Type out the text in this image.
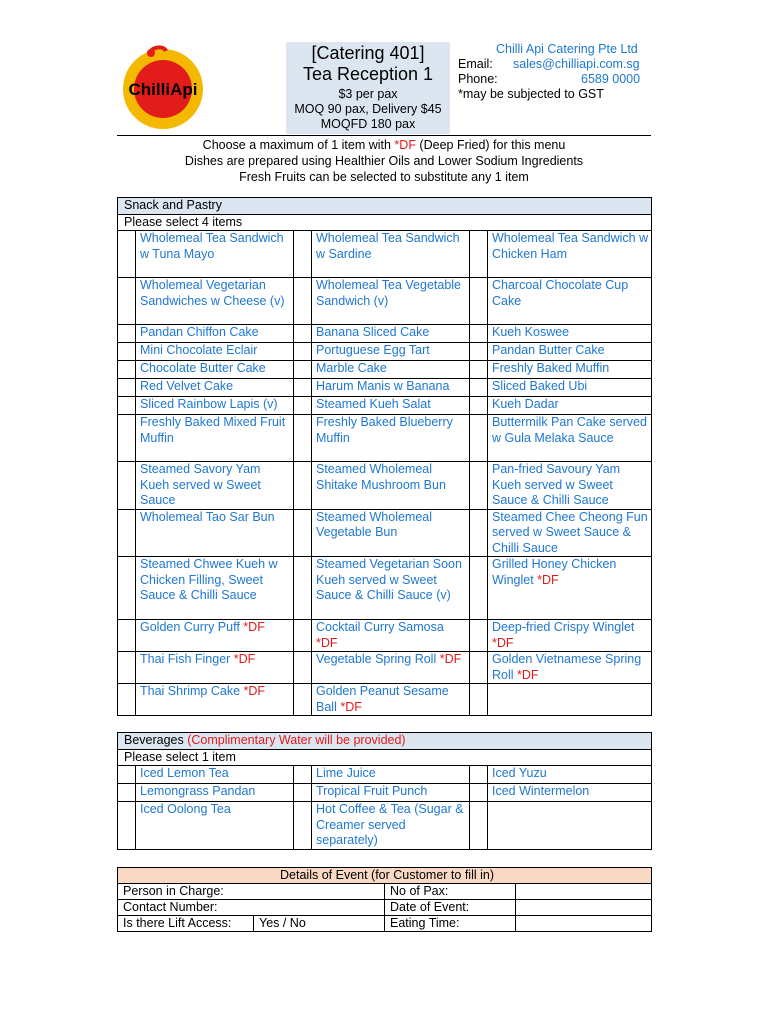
ChilliApi
[Catering 401]
Tea Reception 1
$3 per pax
MOQ 90 pax, Delivery $45
MOQFD 180 pax
Chilli Api Catering Pte Ltd
Email:	sales@chilliapi.com.sg
Phone:	6589 0000
*may be subjected to GST
Choose a maximum of 1 item with *DF (Deep Fried) for this menu
Dishes are prepared using Healthier Oils and Lower Sodium Ingredients
Fresh Fruits can be selected to substitute any 1 item
Snack and Pastry					
Please select 4 items					
	Wholemeal Tea Sandwich w Tuna Mayo		Wholemeal Tea Sandwich w Sardine		Wholemeal Tea Sandwich w Chicken Ham
	Wholemeal Vegetarian Sandwiches w Cheese (v)		Wholemeal Tea Vegetable Sandwich (v)		Charcoal Chocolate Cup Cake
	Pandan Chiffon Cake		Banana Sliced Cake		Kueh Koswee
	Mini Chocolate Eclair		Portuguese Egg Tart		Pandan Butter Cake
	Chocolate Butter Cake		Marble Cake		Freshly Baked Muffin
	Red Velvet Cake		Harum Manis w Banana		Sliced Baked Ubi
	Sliced Rainbow Lapis (v)		Steamed Kueh Salat		Kueh Dadar
	Freshly Baked Mixed Fruit Muffin		Freshly Baked Blueberry Muffin		Buttermilk Pan Cake served w Gula Melaka Sauce
	Steamed Savory Yam Kueh served w Sweet Sauce		Steamed Wholemeal Shitake Mushroom Bun		Pan-fried Savoury Yam Kueh served w Sweet Sauce & Chilli Sauce
	Wholemeal Tao Sar Bun		Steamed Wholemeal Vegetable Bun		Steamed Chee Cheong Fun served w Sweet Sauce & Chilli Sauce
	Steamed Chwee Kueh w Chicken Filling, Sweet Sauce & Chilli Sauce		Steamed Vegetarian Soon Kueh served w Sweet Sauce & Chilli Sauce (v)		Grilled Honey Chicken Winglet *DF
	Golden Curry Puff *DF		Cocktail Curry Samosa *DF		Deep-fried Crispy Winglet *DF
	Thai Fish Finger *DF		Vegetable Spring Roll *DF		Golden Vietnamese Spring Roll *DF
	Thai Shrimp Cake *DF		Golden Peanut Sesame Ball *DF		
Beverages (Complimentary Water will be provided)					
Please select 1 item					
	Iced Lemon Tea		Lime Juice		Iced Yuzu
	Lemongrass Pandan		Tropical Fruit Punch		Iced Wintermelon
	Iced Oolong Tea		Hot Coffee & Tea (Sugar & Creamer served separately)		
Details of Event (for Customer to fill in)			
Person in Charge:		No of Pax:	
Contact Number:		Date of Event:	
Is there Lift Access:	Yes / No	Eating Time:	
